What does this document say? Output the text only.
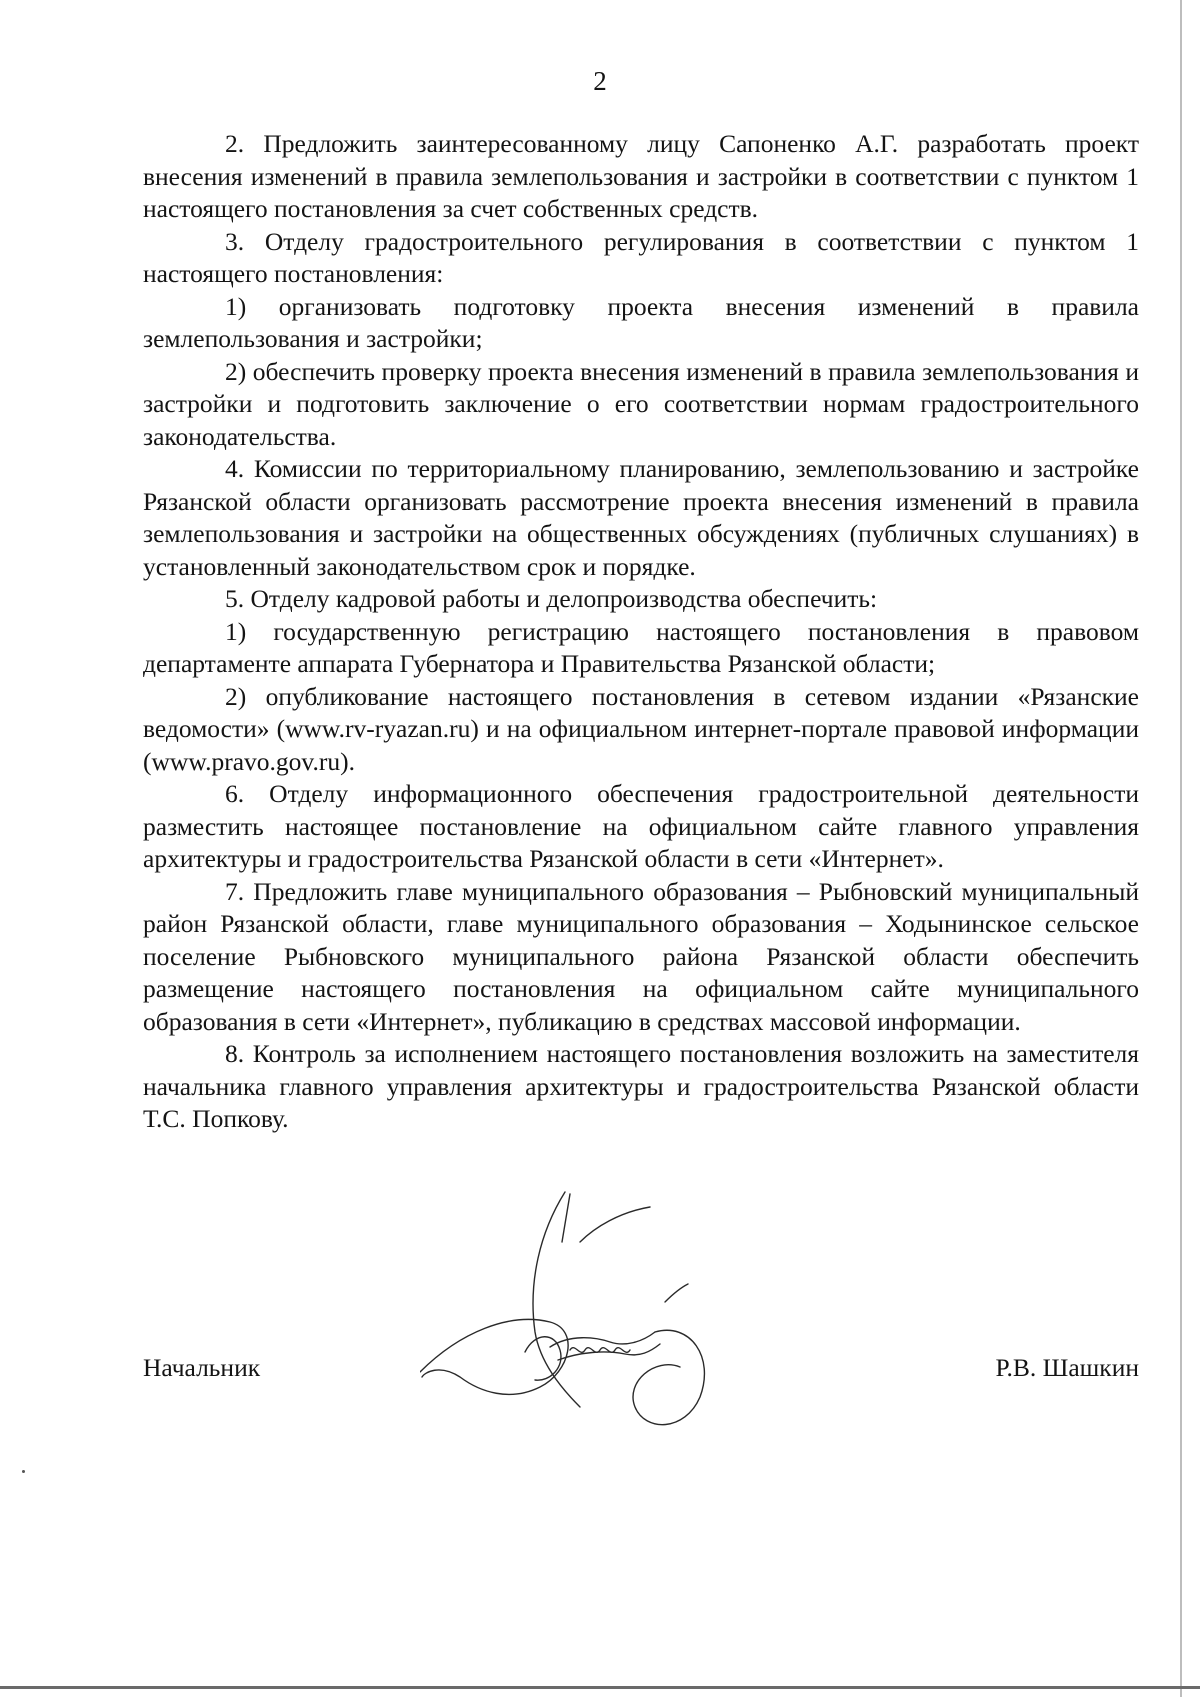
2

2. Предложить заинтересованному лицу Сапоненко А.Г. разработать проект внесения изменений в правила землепользования и застройки в соответствии с пунктом 1 настоящего постановления за счет собственных средств.

3. Отделу градостроительного регулирования в соответствии с пунктом 1 настоящего постановления:

1) организовать подготовку проекта внесения изменений в правила землепользования и застройки;

2) обеспечить проверку проекта внесения изменений в правила землепользования и застройки и подготовить заключение о его соответствии нормам градостроительного законодательства.

4. Комиссии по территориальному планированию, землепользованию и застройке Рязанской области организовать рассмотрение проекта внесения изменений в правила землепользования и застройки на общественных обсуждениях (публичных слушаниях) в установленный законодательством срок и порядке.

5. Отделу кадровой работы и делопроизводства обеспечить:

1) государственную регистрацию настоящего постановления в правовом департаменте аппарата Губернатора и Правительства Рязанской области;

2) опубликование настоящего постановления в сетевом издании «Рязанские ведомости» (www.rv-ryazan.ru) и на официальном интернет-портале правовой информации (www.pravo.gov.ru).

6. Отделу информационного обеспечения градостроительной деятельности разместить настоящее постановление на официальном сайте главного управления архитектуры и градостроительства Рязанской области в сети «Интернет».

7. Предложить главе муниципального образования – Рыбновский муниципальный район Рязанской области, главе муниципального образования – Ходынинское сельское поселение Рыбновского муниципального района Рязанской области обеспечить размещение настоящего постановления на официальном сайте муниципального образования в сети «Интернет», публикацию в средствах массовой информации.

8. Контроль за исполнением настоящего постановления возложить на заместителя начальника главного управления архитектуры и градостроительства Рязанской области Т.С. Попкову.

Начальник	Р.В. Шашкин
